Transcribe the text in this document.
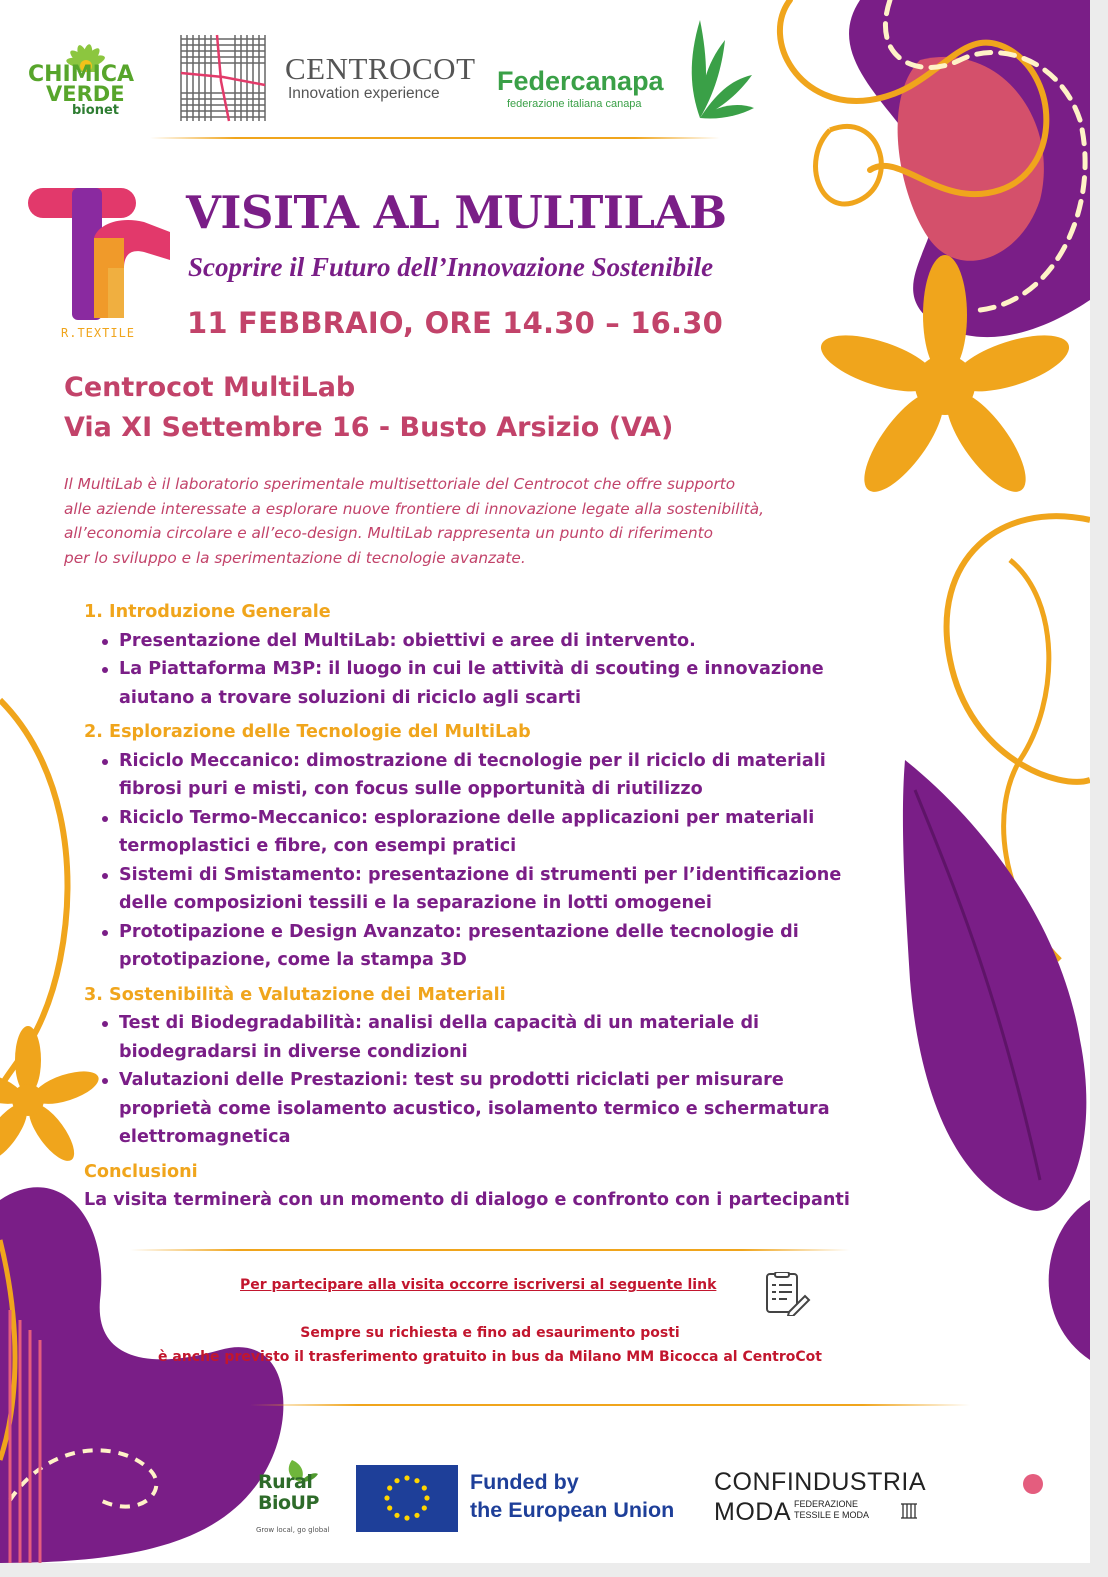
CHIMICA
VERDE
bionet
CENTROCOT
Innovation experience Federcanapa
federazione italiana canapa
R.TEXTILE
VISITA AL MULTILAB
Scoprire il Futuro dell’Innovazione Sostenibile
11 FEBBRAIO, ORE 14.30 – 16.30
Centrocot MultiLab
Via XI Settembre 16 - Busto Arsizio (VA)
Il MultiLab è il laboratorio sperimentale multisettoriale del Centrocot che offre supporto
alle aziende interessate a esplorare nuove frontiere di innovazione legate alla sostenibilità,
all’economia circolare e all’eco-design. MultiLab rappresenta un punto di riferimento
per lo sviluppo e la sperimentazione di tecnologie avanzate.
1. Introduzione Generale
Presentazione del MultiLab: obiettivi e aree di intervento.
La Piattaforma M3P: il luogo in cui le attività di scouting e innovazione
aiutano a trovare soluzioni di riciclo agli scarti
2. Esplorazione delle Tecnologie del MultiLab
Riciclo Meccanico: dimostrazione di tecnologie per il riciclo di materiali
fibrosi puri e misti, con focus sulle opportunità di riutilizzo
Riciclo Termo-Meccanico: esplorazione delle applicazioni per materiali
termoplastici e fibre, con esempi pratici
Sistemi di Smistamento: presentazione di strumenti per l’identificazione
delle composizioni tessili e la separazione in lotti omogenei
Prototipazione e Design Avanzato: presentazione delle tecnologie di
prototipazione, come la stampa 3D
3. Sostenibilità e Valutazione dei Materiali
Test di Biodegradabilità: analisi della capacità di un materiale di
biodegradarsi in diverse condizioni
Valutazioni delle Prestazioni: test su prodotti riciclati per misurare
proprietà come isolamento acustico, isolamento termico e schermatura
elettromagnetica
Conclusioni
La visita terminerà con un momento di dialogo e confronto con i partecipanti
Per partecipare alla visita occorre iscriversi al seguente link
Sempre su richiesta e fino ad esaurimento posti
è anche previsto il trasferimento gratuito in bus da Milano MM Bicocca al CentroCot
Rural
BioUP
Grow local, go global
Funded by
the European Union
CONFINDUSTRIA
MODA FEDERAZIONE
TESSILE E MODA
